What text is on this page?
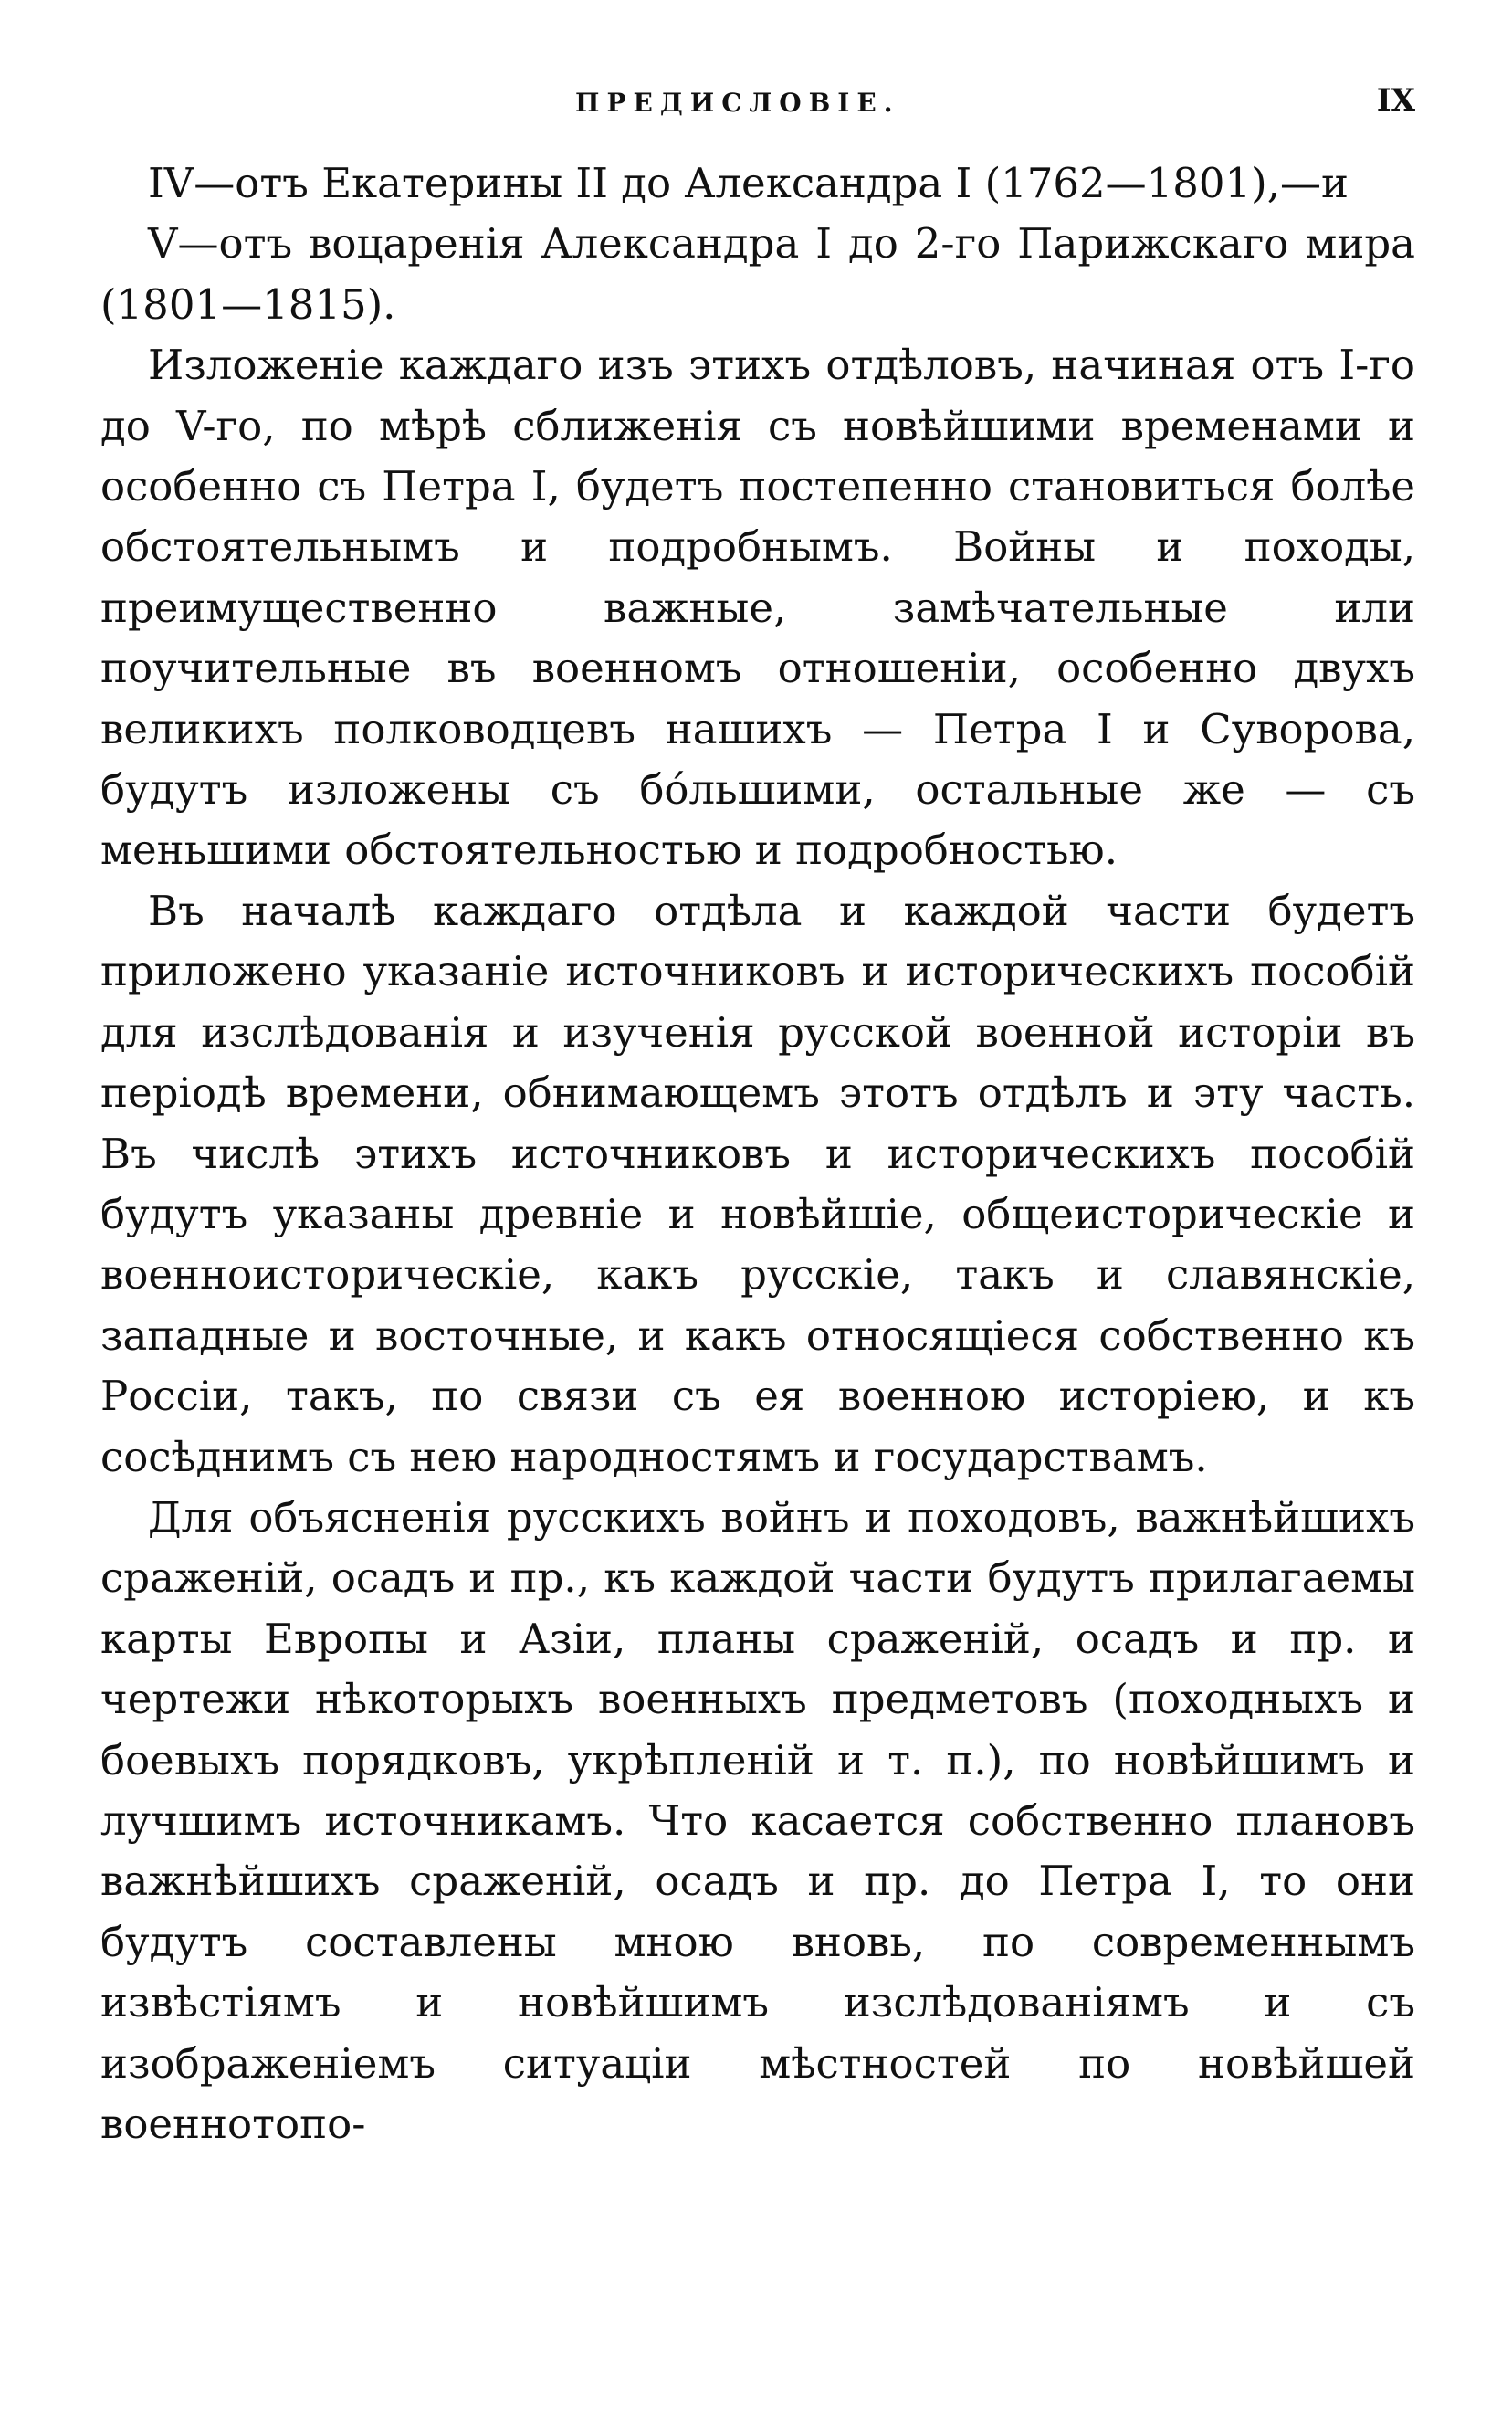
ПРЕДИСЛОВІЕ.	IX

IV—отъ Екатерины II до Александра I (1762—1801),—и

V—отъ воцаренія Александра I до 2-го Парижскаго мира (1801—1815).

Изложеніе каждаго изъ этихъ отдѣловъ, начиная отъ I-го до V-го, по мѣрѣ сближенія съ новѣйшими временами и особенно съ Петра I, будетъ постепенно становиться болѣе обстоятельнымъ и подробнымъ. Войны и походы, преимущественно важные, замѣчательные или поучительные въ военномъ отношеніи, особенно двухъ великихъ полководцевъ нашихъ — Петра I и Суворова, будутъ изложены съ бо́льшими, остальные же — съ меньшими обстоятельностью и подробностью.

Въ началѣ каждаго отдѣла и каждой части будетъ приложено указаніе источниковъ и историческихъ пособій для изслѣдованія и изученія русской военной исторіи въ періодѣ времени, обнимающемъ этотъ отдѣлъ и эту часть. Въ числѣ этихъ источниковъ и историческихъ пособій будутъ указаны древніе и новѣйшіе, общеисторическіе и военноисторическіе, какъ русскіе, такъ и славянскіе, западные и восточные, и какъ относящіеся собственно къ Россіи, такъ, по связи съ ея военною исторіею, и къ сосѣднимъ съ нею народностямъ и государствамъ.

Для объясненія русскихъ войнъ и походовъ, важнѣйшихъ сраженій, осадъ и пр., къ каждой части будутъ прилагаемы карты Европы и Азіи, планы сраженій, осадъ и пр. и чертежи нѣкоторыхъ военныхъ предметовъ (походныхъ и боевыхъ порядковъ, укрѣпленій и т. п.), по новѣйшимъ и лучшимъ источникамъ. Что касается собственно плановъ важнѣйшихъ сраженій, осадъ и пр. до Петра I, то они будутъ составлены мною вновь, по современнымъ извѣстіямъ и новѣйшимъ изслѣдованіямъ и съ изображеніемъ ситуаціи мѣстностей по новѣйшей военнотопо-
